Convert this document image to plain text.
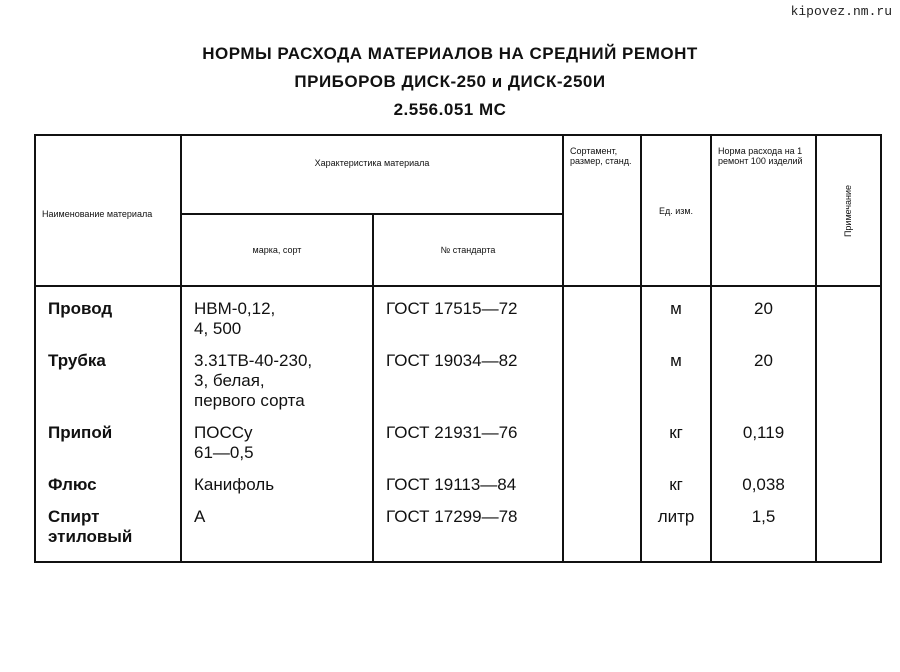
kipovez.nm.ru
НОРМЫ РАСХОДА МАТЕРИАЛОВ НА СРЕДНИЙ РЕМОНТ
ПРИБОРОВ ДИСК-250 и ДИСК-250И
2.556.051 МС
Наименование материала	Характеристика материала		Сортамент, размер, станд.	Ед. изм.	Норма расхода на 1 ремонт 100 изделий	Примечание
	марка, сорт	№ стандарта				
Провод	НВМ-0,12,
4, 500	ГОСТ 17515—72		м	20	
Трубка	3.31ТВ-40-230,
3, белая,
первого сорта	ГОСТ 19034—82		м	20	
Припой	ПОССу
61—0,5	ГОСТ 21931—76		кг	0,119	
Флюс	Канифоль	ГОСТ 19113—84		кг	0,038	
Спирт
этиловый	А	ГОСТ 17299—78		литр	1,5	
